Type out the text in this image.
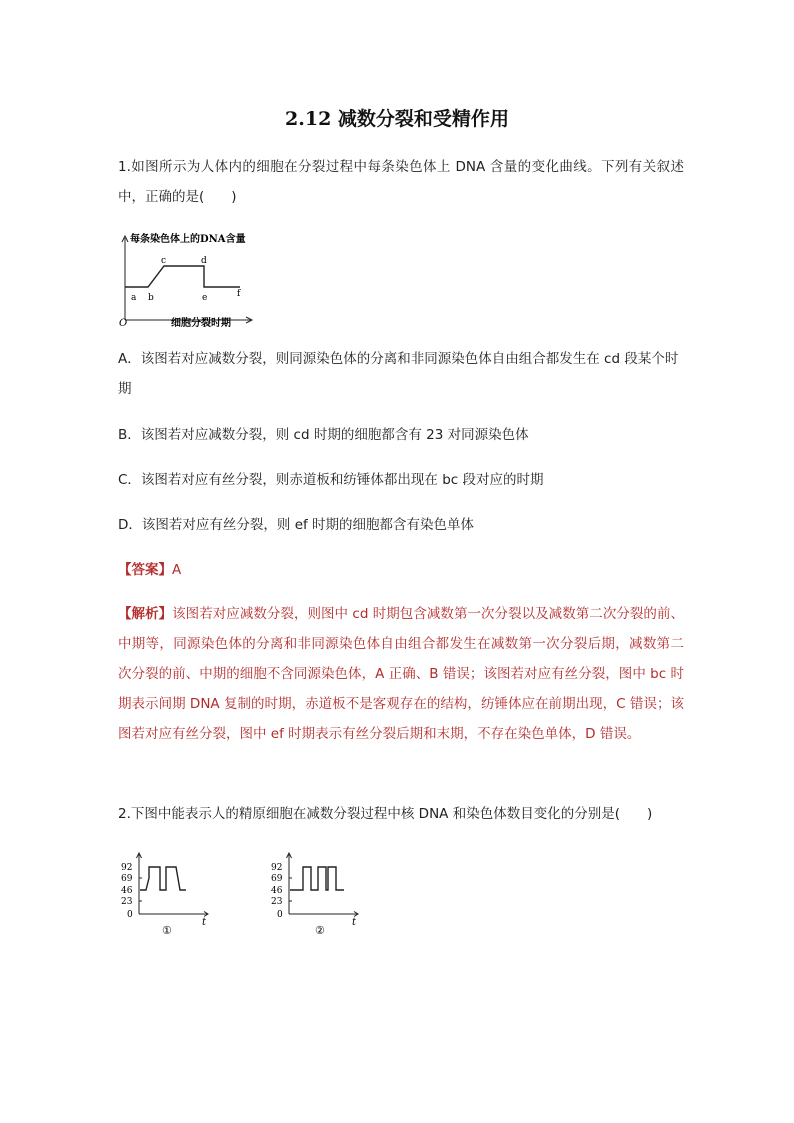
2.12 减数分裂和受精作用
1.如图所示为人体内的细胞在分裂过程中每条染色体上 DNA 含量的变化曲线。下列有关叙述中，正确的是(　　)
每条染色体上的DNA含量
细胞分裂时期
O
a b
c	d
e	f
A．该图若对应减数分裂，则同源染色体的分离和非同源染色体自由组合都发生在 cd 段某个时期
B．该图若对应减数分裂，则 cd 时期的细胞都含有 23 对同源染色体
C．该图若对应有丝分裂，则赤道板和纺锤体都出现在 bc 段对应的时期
D．该图若对应有丝分裂，则 ef 时期的细胞都含有染色单体
【答案】A
【解析】该图若对应减数分裂，则图中 cd 时期包含减数第一次分裂以及减数第二次分裂的前、中期等，同源染色体的分离和非同源染色体自由组合都发生在减数第一次分裂后期，减数第二次分裂的前、中期的细胞不含同源染色体，A 正确、B 错误；该图若对应有丝分裂，图中 bc 时期表示间期 DNA 复制的时期，赤道板不是客观存在的结构，纺锤体应在前期出现，C 错误；该图若对应有丝分裂，图中 ef 时期表示有丝分裂后期和末期，不存在染色单体，D 错误。
2.下图中能表示人的精原细胞在减数分裂过程中核 DNA 和染色体数目变化的分别是(　　)
92
69
46
23
0
t
①
92
69
46
23
0
t
②
